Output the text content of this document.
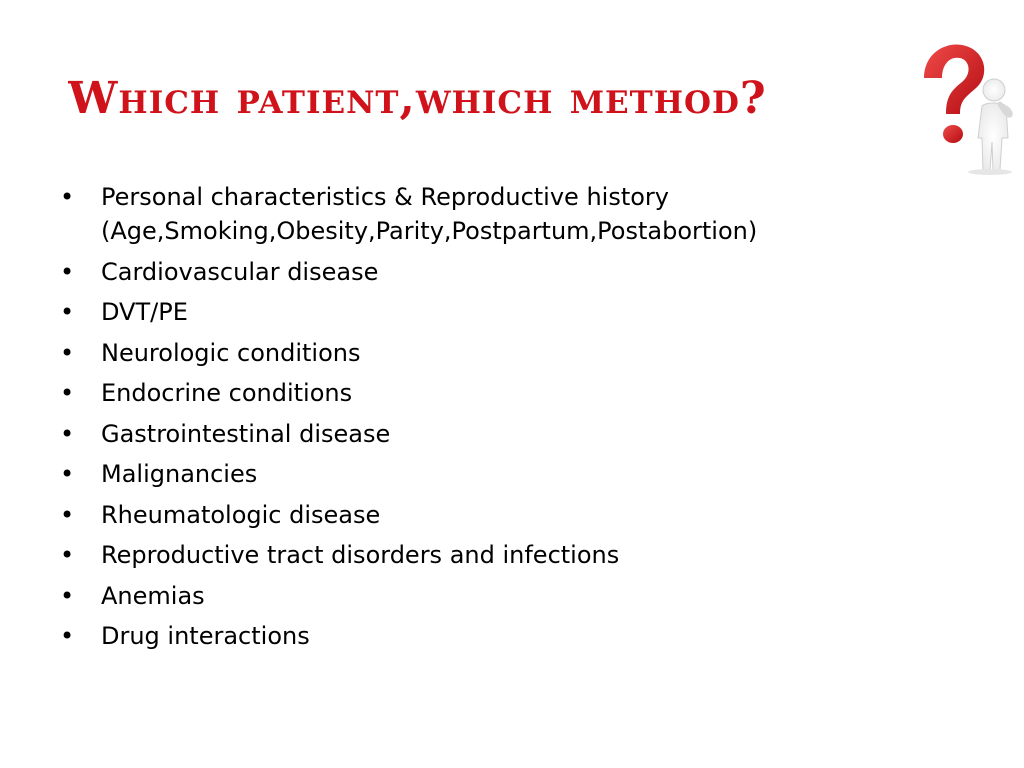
Which patient,which method?
• Personal characteristics & Reproductive history
(Age,Smoking,Obesity,Parity,Postpartum,Postabortion)
• Cardiovascular disease
• DVT/PE
• Neurologic conditions
• Endocrine conditions
• Gastrointestinal disease
• Malignancies
• Rheumatologic disease
• Reproductive tract disorders and infections
• Anemias
• Drug interactions
